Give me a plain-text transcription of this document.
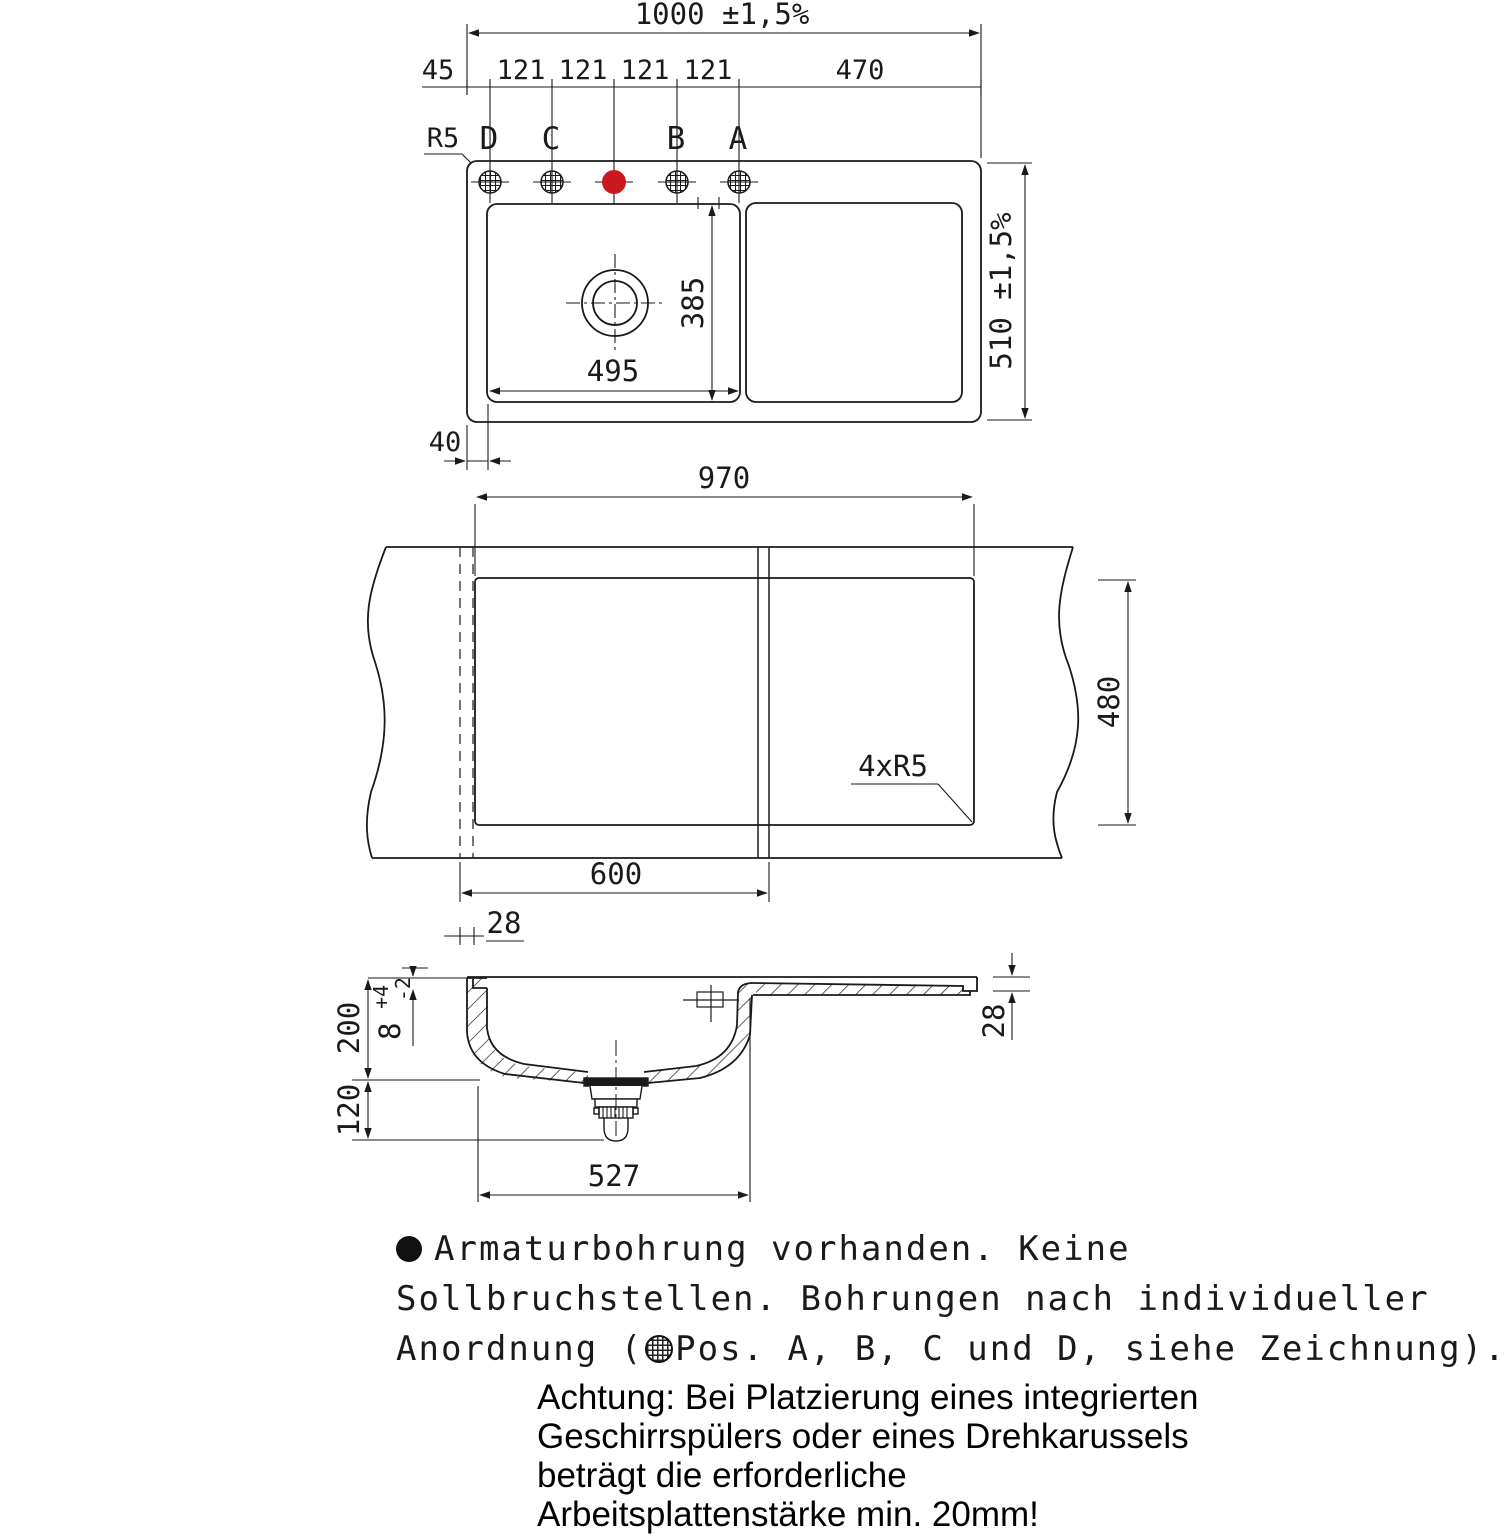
1000 ±1,5%
45 121 121 121 121	470
D C	B A
R5
385
495
510 ±1,5%
40
970
480
4xR5
600
28
200
120
8 +4 -2
28
527
Armaturbohrung vorhanden. Keine
Sollbruchstellen. Bohrungen nach individueller
Anordnung ( Pos. A, B, C und D, siehe Zeichnung).
Achtung: Bei Platzierung eines integrierten
Geschirrspülers oder eines Drehkarussels
beträgt die erforderliche
Arbeitsplattenstärke min. 20mm!
